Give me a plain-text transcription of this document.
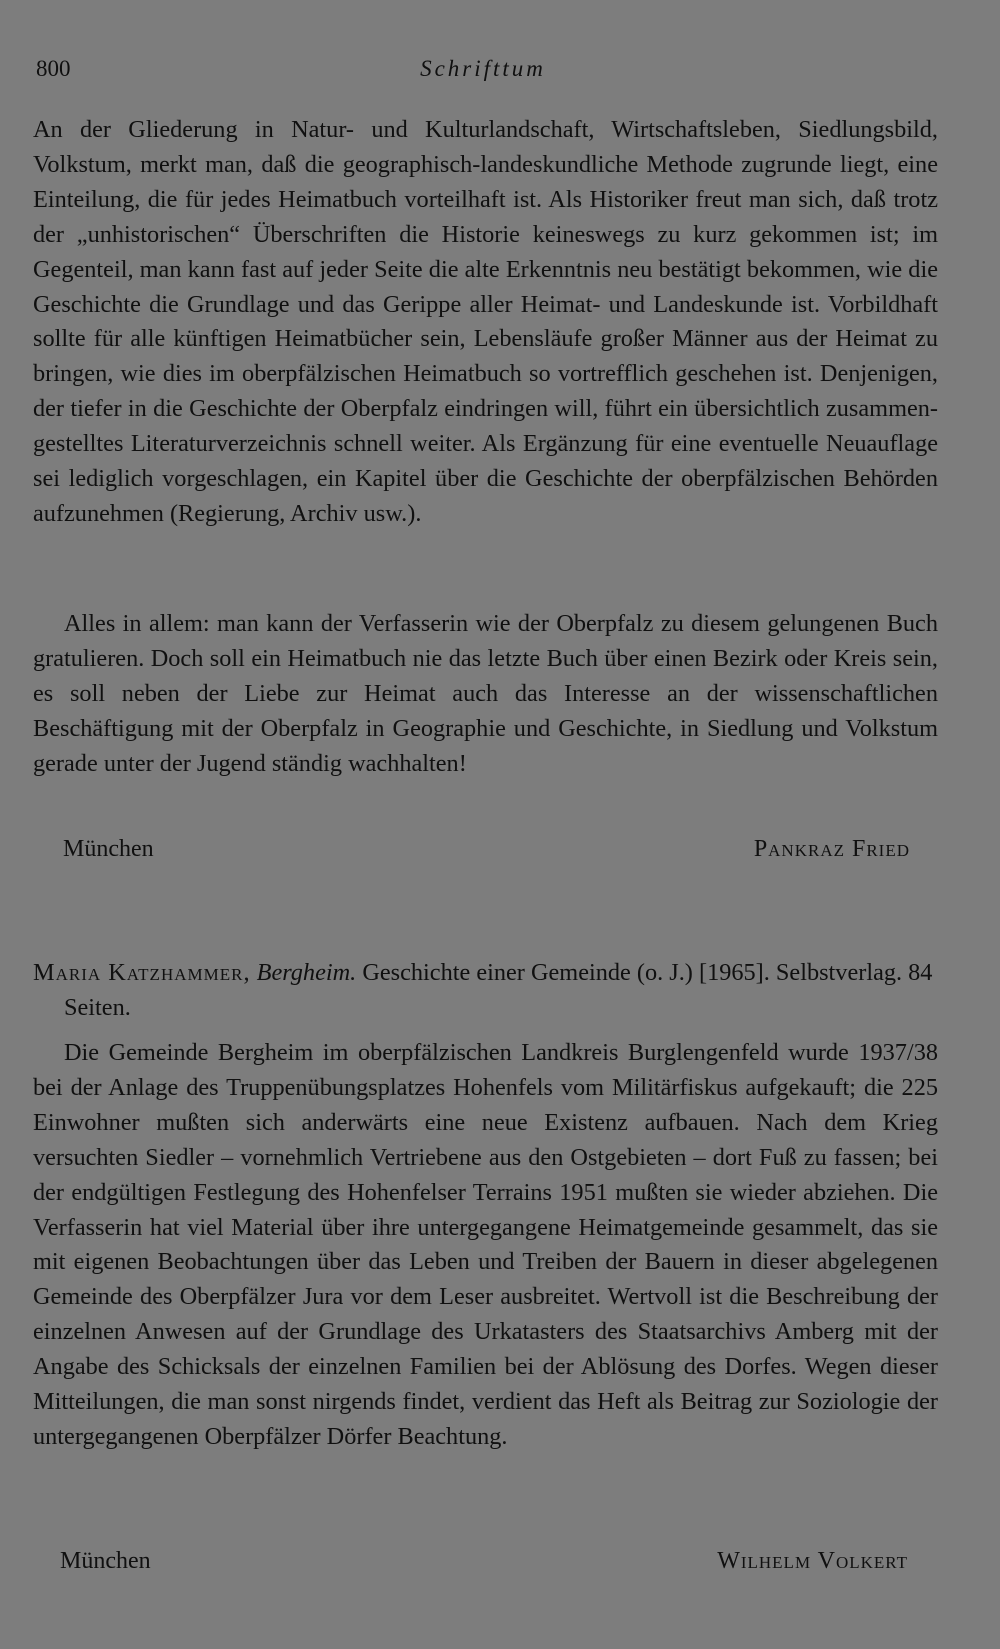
800	Schrifttum

An der Gliederung in Natur- und Kulturlandschaft, Wirtschaftsleben, Siedlungsbild, Volkstum, merkt man, daß die geographisch-landeskundliche Methode zugrunde liegt, eine Einteilung, die für jedes Heimatbuch vorteilhaft ist. Als Historiker freut man sich, daß trotz der „unhistorischen“ Überschriften die Historie keineswegs zu kurz gekommen ist; im Gegenteil, man kann fast auf jeder Seite die alte Erkenntnis neu bestätigt bekommen, wie die Geschichte die Grundlage und das Gerippe aller Heimat- und Landeskunde ist. Vorbildhaft sollte für alle künftigen Heimatbücher sein, Lebensläufe großer Männer aus der Heimat zu bringen, wie dies im oberpfälzischen Heimatbuch so vortrefflich geschehen ist. Denjenigen, der tiefer in die Geschichte der Oberpfalz eindringen will, führt ein übersichtlich zusammengestelltes Literaturverzeichnis schnell weiter. Als Ergänzung für eine eventuelle Neuauflage sei lediglich vorgeschlagen, ein Kapitel über die Geschichte der oberpfälzischen Behörden aufzunehmen (Regierung, Archiv usw.).

Alles in allem: man kann der Verfasserin wie der Oberpfalz zu diesem gelungenen Buch gratulieren. Doch soll ein Heimatbuch nie das letzte Buch über einen Bezirk oder Kreis sein, es soll neben der Liebe zur Heimat auch das Interesse an der wissenschaftlichen Beschäftigung mit der Oberpfalz in Geographie und Geschichte, in Siedlung und Volkstum gerade unter der Jugend ständig wachhalten!

München	Pankraz Fried

Maria Katzhammer, Bergheim. Geschichte einer Gemeinde (o. J.) [1965]. Selbstverlag. 84 Seiten.

Die Gemeinde Bergheim im oberpfälzischen Landkreis Burglengenfeld wurde 1937/38 bei der Anlage des Truppenübungsplatzes Hohenfels vom Militärfiskus aufgekauft; die 225 Einwohner mußten sich anderwärts eine neue Existenz aufbauen. Nach dem Krieg versuchten Siedler – vornehmlich Vertriebene aus den Ostgebieten – dort Fuß zu fassen; bei der endgültigen Festlegung des Hohenfelser Terrains 1951 mußten sie wieder abziehen. Die Verfasserin hat viel Material über ihre untergegangene Heimatgemeinde gesammelt, das sie mit eigenen Beobachtungen über das Leben und Treiben der Bauern in dieser abgelegenen Gemeinde des Oberpfälzer Jura vor dem Leser ausbreitet. Wertvoll ist die Beschreibung der einzelnen Anwesen auf der Grundlage des Urkatasters des Staatsarchivs Amberg mit der Angabe des Schicksals der einzelnen Familien bei der Ablösung des Dorfes. Wegen dieser Mitteilungen, die man sonst nirgends findet, verdient das Heft als Beitrag zur Soziologie der untergegangenen Oberpfälzer Dörfer Beachtung.

München	Wilhelm Volkert
